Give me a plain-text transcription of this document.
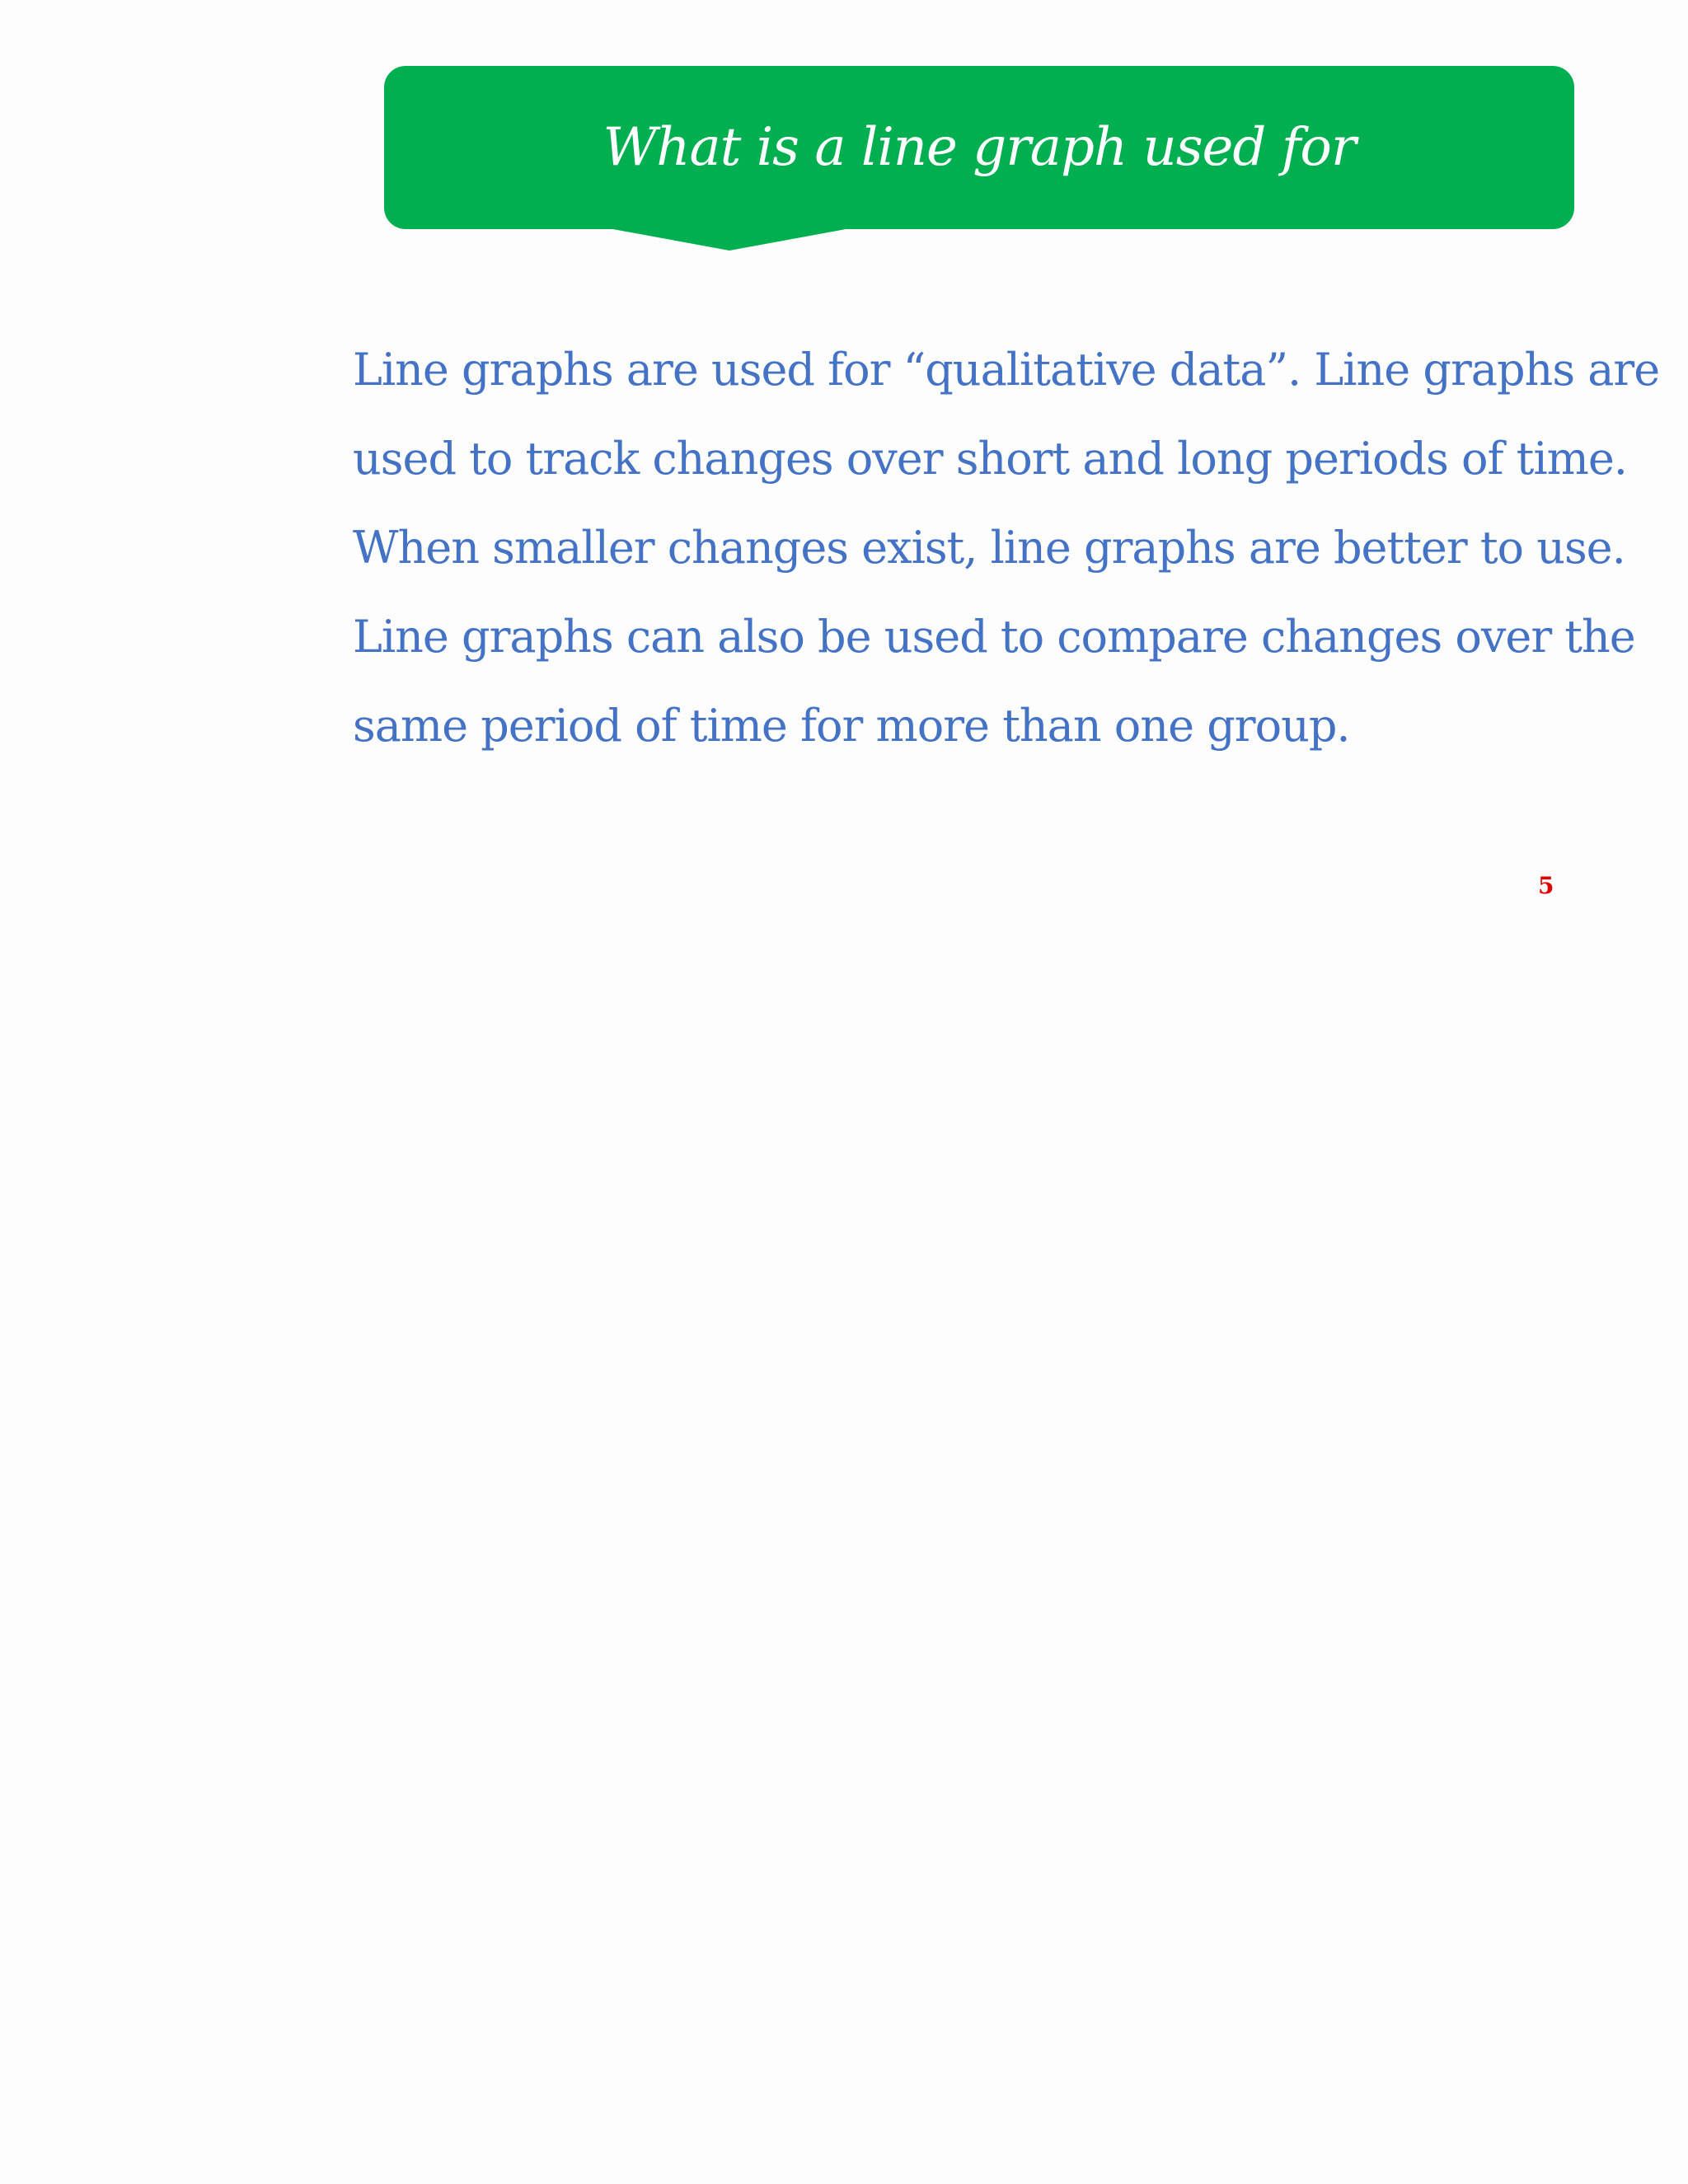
What is a line graph used for
Line graphs are used for “qualitative data”. Line graphs are
used to track changes over short and long periods of time.
When smaller changes exist, line graphs are better to use.
Line graphs can also be used to compare changes over the
same period of time for more than one group.
5
